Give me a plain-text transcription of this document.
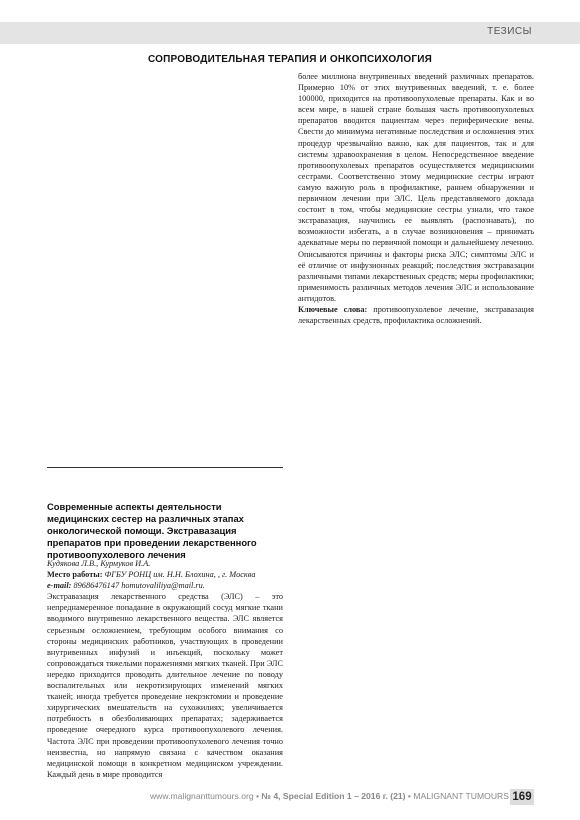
ТЕЗИСЫ
СОПРОВОДИТЕЛЬНАЯ ТЕРАПИЯ И ОНКОПСИХОЛОГИЯ

более миллиона внутривенных введений различных препаратов. Примерно 10% от этих внутривенных введений, т. е. более 100000, приходится на противоопухолевые препараты. Как и во всем мире, в нашей стране большая часть противоопухолевых препаратов вводится пациентам через периферические вены. Свести до минимума негативные последствия и осложнения этих процедур чрезвычайно важно, как для пациентов, так и для системы здравоохранения в целом. Непосредственное введение противоопухолевых препаратов осуществляется медицинскими сестрами. Соответственно этому медицинские сестры играют самую важную роль в профилактике, раннем обнаружении и первичном лечении при ЭЛС. Цель представляемого доклада состоит в том, чтобы медицинские сестры узнали, что такое экстравазация, научились ее выявлять (распознавать), по возможности избегать, а в случае возникновения – принимать адекватные меры по первичной помощи и дальнейшему лечению. Описываются причины и факторы риска ЭЛС; симптомы ЭЛС и её отличие от инфузионных реакций; последствия экстравазации различными типами лекарственных средств; меры профилактики; применимость различных методов лечения ЭЛС и использование антидотов.

Ключевые слова: противоопухолевое лечение, экстравазация лекарственных средств, профилактика осложнений.

Современные аспекты деятельности медицинских сестер на различных этапах онкологической помощи. Экстравазация препаратов при проведении лекарственного противоопухолевого лечения

Кудякова Л.В., Курмуков И.А.

Место работы: ФГБУ РОНЦ им. Н.Н. Блохина, , г. Москва

e-mail: 89686476147 homutovaliliya@mail.ru.

Экстравазация лекарственного средства (ЭЛС) – это непреднамеренное попадание в окружающий сосуд мягкие ткани вводимого внутривенно лекарственного вещества. ЭЛС является серьезным осложнением, требующим особого внимания со стороны медицинских работников, участвующих в проведении внутривенных инфузий и инъекций, поскольку может сопровождаться тяжелыми поражениями мягких тканей. При ЭЛС нередко приходится проводить длительное лечение по поводу воспалительных или некротизирующих изменений мягких тканей; иногда требуется проведение некрэктомии и проведение хирургических вмешательств на сухожилиях; увеличивается потребность в обезболивающих препаратах; задерживается проведение очередного курса противоопухолевого лечения. Частота ЭЛС при проведении противоопухолевого лечения точно неизвестна, но напрямую связана с качеством оказания медицинской помощи в конкретном медицинском учреждении. Каждый день в мире проводится

www.malignanttumours.org • № 4, Special Edition 1 – 2016 г. (21) • MALIGNANT TUMOURS 169
